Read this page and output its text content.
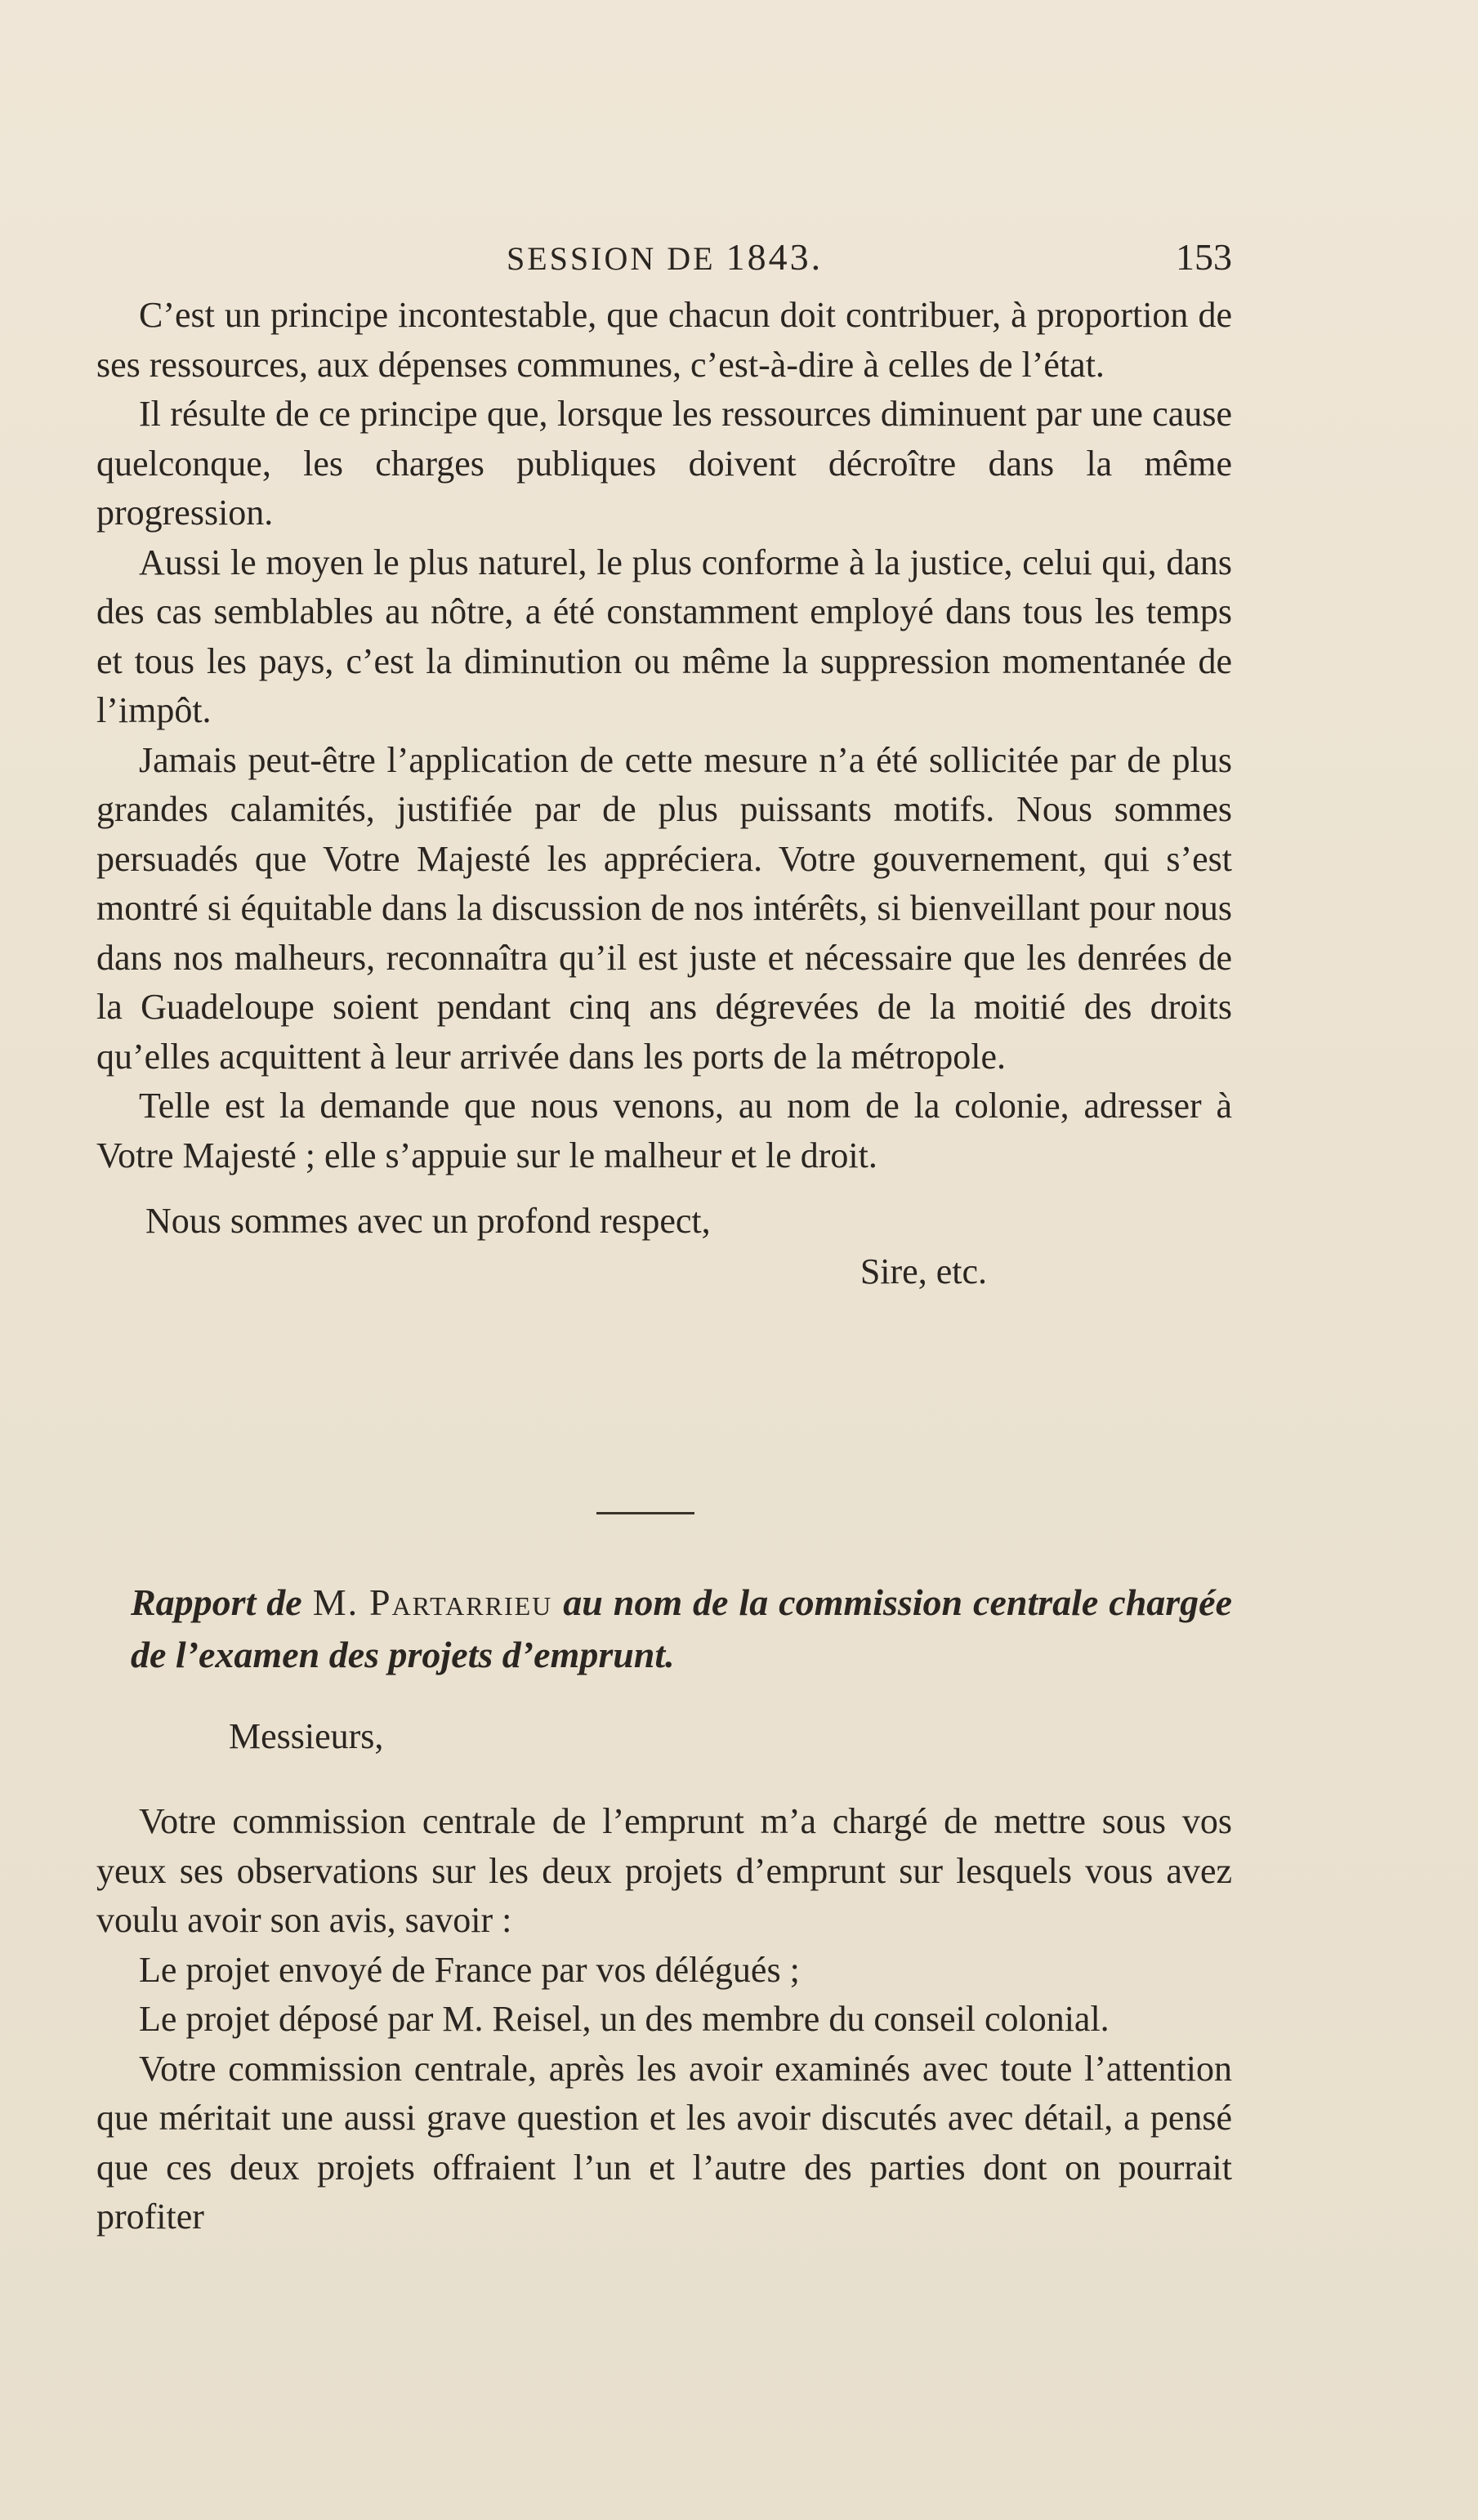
SESSION DE 1843.	153

C’est un principe incontestable, que chacun doit contribuer, à proportion de ses ressources, aux dépenses communes, c’est-à-dire à celles de l’état.

Il résulte de ce principe que, lorsque les ressources diminuent par une cause quelconque, les charges publiques doivent décroître dans la même progression.

Aussi le moyen le plus naturel, le plus conforme à la justice, celui qui, dans des cas semblables au nôtre, a été constamment employé dans tous les temps et tous les pays, c’est la diminution ou même la suppression momentanée de l’impôt.

Jamais peut-être l’application de cette mesure n’a été sollicitée par de plus grandes calamités, justifiée par de plus puissants motifs. Nous sommes persuadés que Votre Majesté les appréciera. Votre gouvernement, qui s’est montré si équitable dans la discussion de nos intérêts, si bienveillant pour nous dans nos malheurs, reconnaîtra qu’il est juste et nécessaire que les denrées de la Guadeloupe soient pendant cinq ans dégrevées de la moitié des droits qu’elles acquittent à leur arrivée dans les ports de la métropole.

Telle est la demande que nous venons, au nom de la colonie, adresser à Votre Majesté ; elle s’appuie sur le malheur et le droit.

Nous sommes avec un profond respect,

Sire, etc.

Rapport de M. Partarrieu au nom de la commission centrale chargée de l’examen des projets d’emprunt.
Messieurs,

Votre commission centrale de l’emprunt m’a chargé de mettre sous vos yeux ses observations sur les deux projets d’emprunt sur lesquels vous avez voulu avoir son avis, savoir :

Le projet envoyé de France par vos délégués ;

Le projet déposé par M. Reisel, un des membre du conseil colonial.

Votre commission centrale, après les avoir examinés avec toute l’attention que méritait une aussi grave question et les avoir discutés avec détail, a pensé que ces deux projets offraient l’un et l’autre des parties dont on pourrait profiter
